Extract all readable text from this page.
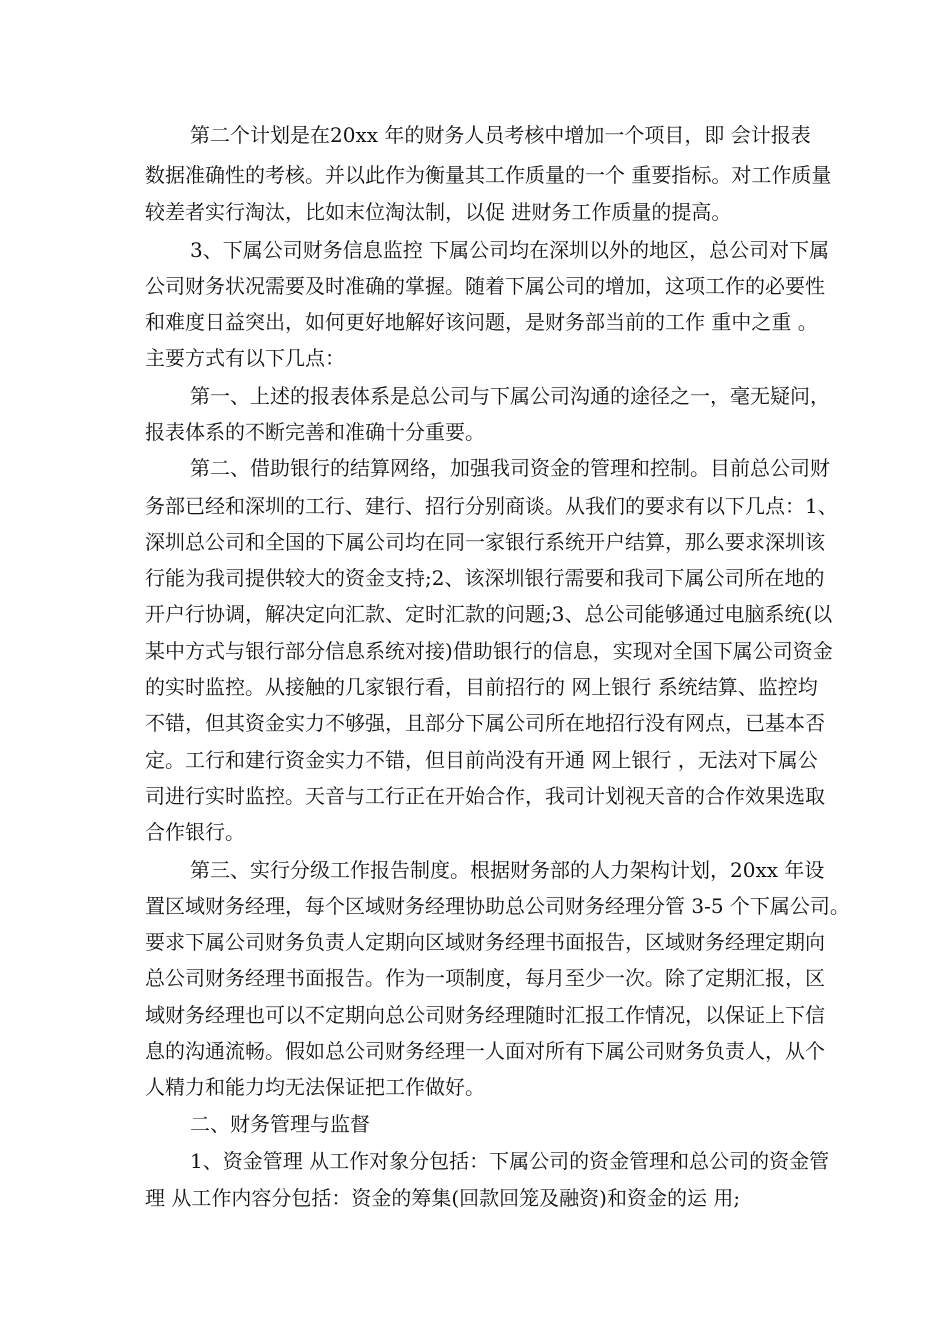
第二个计划是在20xx 年的财务人员考核中增加一个项目，即 会计报表
数据准确性的考核。并以此作为衡量其工作质量的一个 重要指标。对工作质量
较差者实行淘汰，比如末位淘汰制，以促 进财务工作质量的提高。
3、下属公司财务信息监控 下属公司均在深圳以外的地区，总公司对下属
公司财务状况需要及时准确的掌握。随着下属公司的增加，这项工作的必要性
和难度日益突出，如何更好地解好该问题，是财务部当前的工作 重中之重 。
主要方式有以下几点：
第一、上述的报表体系是总公司与下属公司沟通的途径之一，毫无疑问，
报表体系的不断完善和准确十分重要。
第二、借助银行的结算网络，加强我司资金的管理和控制。目前总公司财
务部已经和深圳的工行、建行、招行分别商谈。从我们的要求有以下几点：1、
深圳总公司和全国的下属公司均在同一家银行系统开户结算，那么要求深圳该
行能为我司提供较大的资金支持;2、该深圳银行需要和我司下属公司所在地的
开户行协调，解决定向汇款、定时汇款的问题;3、总公司能够通过电脑系统(以
某中方式与银行部分信息系统对接)借助银行的信息，实现对全国下属公司资金
的实时监控。从接触的几家银行看，目前招行的 网上银行 系统结算、监控均
不错，但其资金实力不够强，且部分下属公司所在地招行没有网点，已基本否
定。工行和建行资金实力不错，但目前尚没有开通 网上银行 ，无法对下属公
司进行实时监控。天音与工行正在开始合作，我司计划视天音的合作效果选取
合作银行。
第三、实行分级工作报告制度。根据财务部的人力架构计划，20xx 年设
置区域财务经理，每个区域财务经理协助总公司财务经理分管 3-5 个下属公司。
要求下属公司财务负责人定期向区域财务经理书面报告，区域财务经理定期向
总公司财务经理书面报告。作为一项制度，每月至少一次。除了定期汇报，区
域财务经理也可以不定期向总公司财务经理随时汇报工作情况，以保证上下信
息的沟通流畅。假如总公司财务经理一人面对所有下属公司财务负责人，从个
人精力和能力均无法保证把工作做好。
二、财务管理与监督
1、资金管理 从工作对象分包括：下属公司的资金管理和总公司的资金管
理 从工作内容分包括：资金的筹集(回款回笼及融资)和资金的运 用;
